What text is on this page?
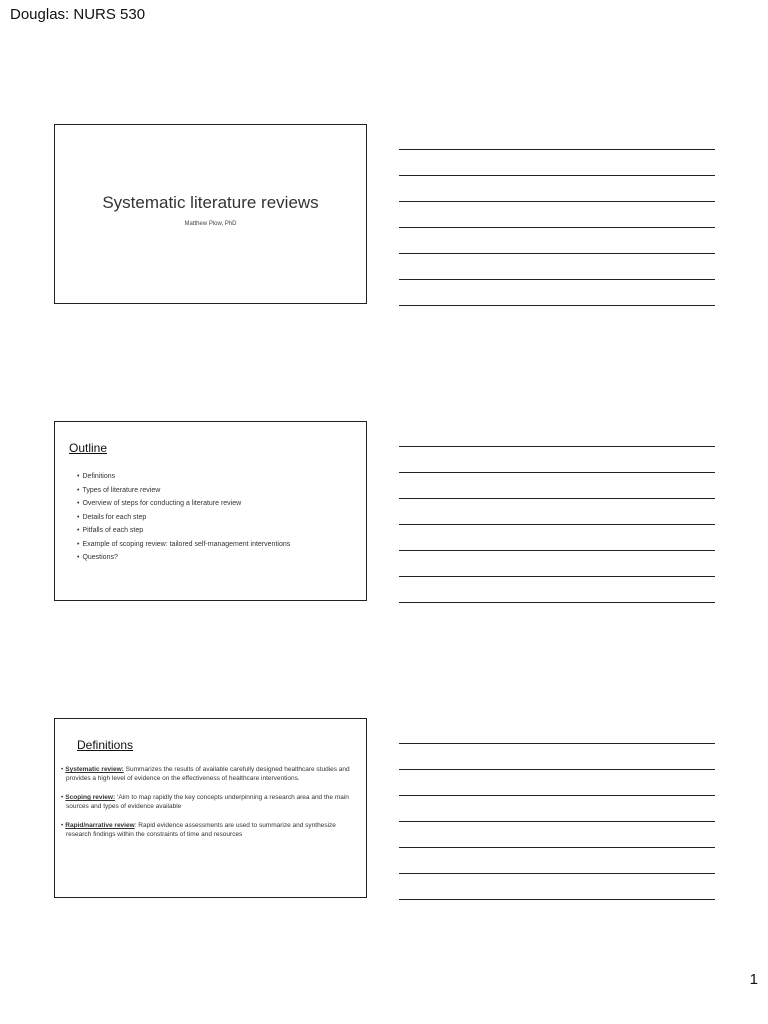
Douglas: NURS 530
Systematic literature reviews
Matthew Plow, PhD
Outline
• Definitions
• Types of literature review
• Overview of steps for conducting a literature review
• Details for each step
• Pitfalls of each step
• Example of scoping review: tailored self-management interventions
• Questions?
Definitions
• Systematic review: Summarizes the results of available carefully designed healthcare studies and provides a high level of evidence on the effectiveness of healthcare interventions.
• Scoping review: ‘Aim to map rapidly the key concepts underpinning a research area and the main sources and types of evidence available
• Rapid/narrative review: Rapid evidence assessments are used to summarize and synthesize research findings within the constraints of time and resources
1
